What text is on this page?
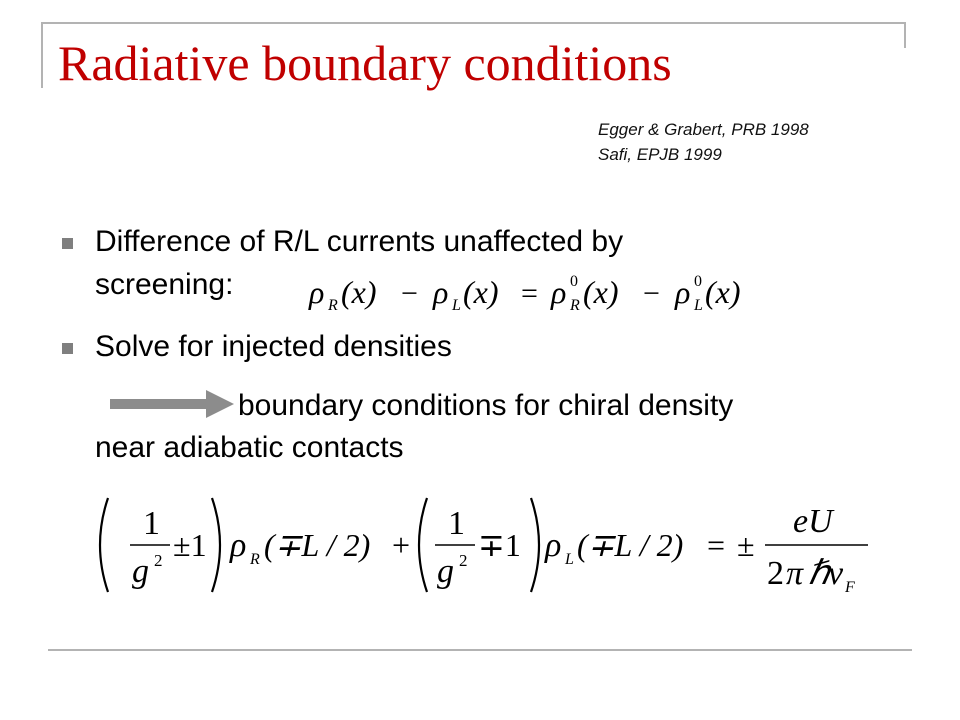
Radiative boundary conditions
Egger & Grabert, PRB 1998
Safi, EPJB 1999
Difference of R/L currents unaffected by
screening: ρ R (x) − ρ L (x) = ρ 0
R (x) − ρ 0
L (x)
Solve for injected densities
boundary conditions for chiral density
near adiabatic contacts
1
g 2 ±1 ρ R (∓L / 2) +
1
g 2 ∓1 ρ L (∓L / 2) = ±
eU
2 π ℏ
v F
